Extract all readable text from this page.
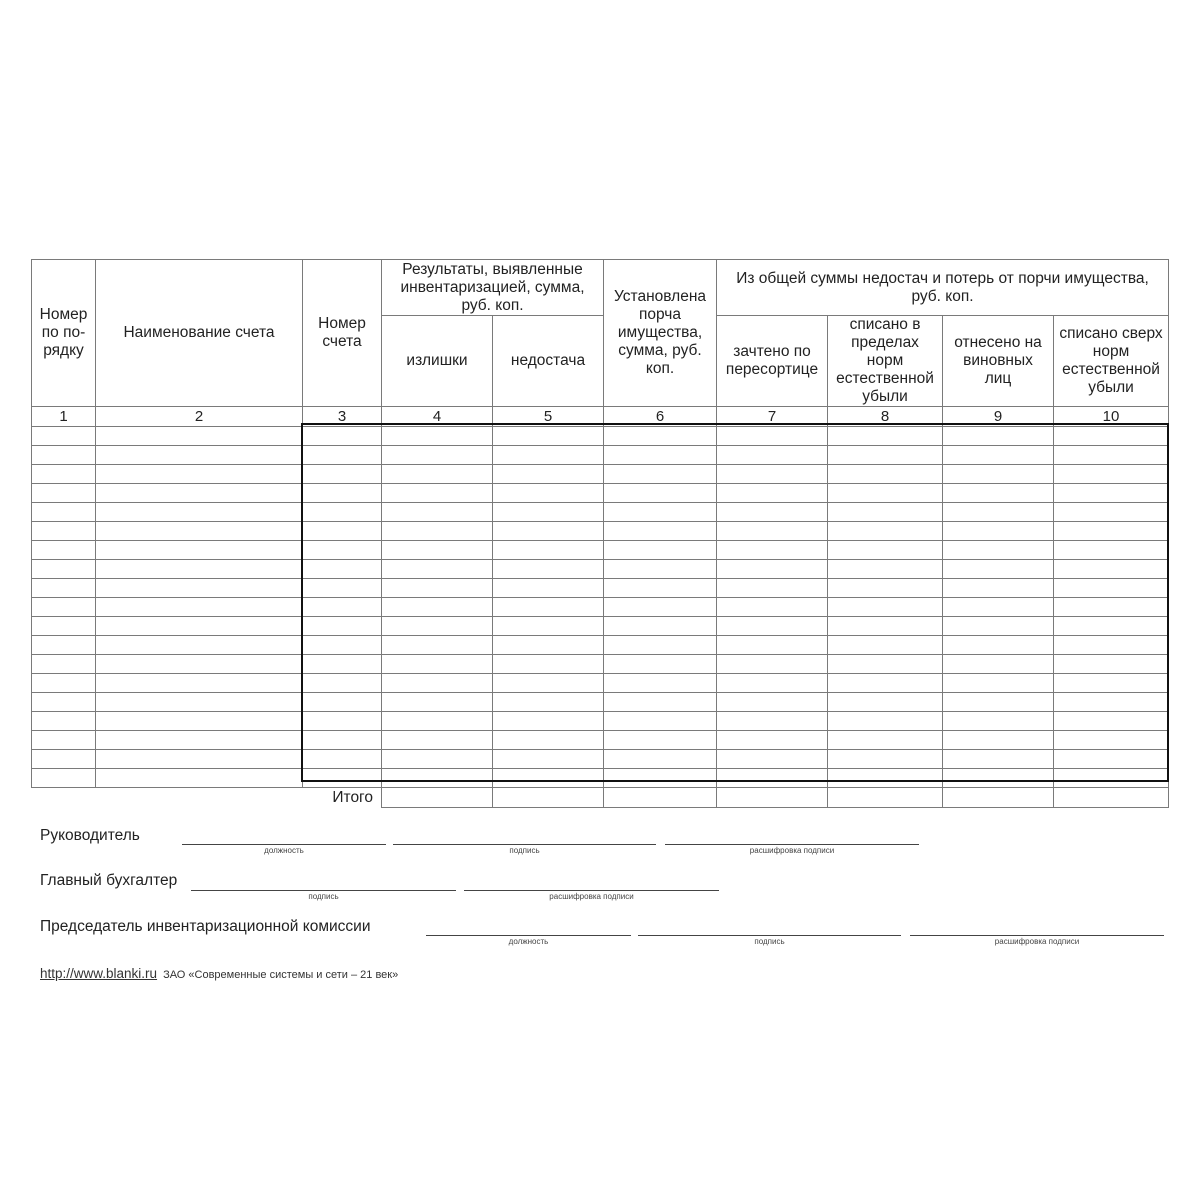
Номер по по-рядку	Наименование счета	Номер счета	Результаты, выявленные инвентаризацией, сумма, руб. коп.		Установлена порча имущества, сумма, руб. коп.	Из общей суммы недостач и потерь от порчи имущества, руб. коп.			
			излишки	недостача		зачтено по пересортице	списано в пределах норм естественной убыли	отнесено на виновных лиц	списано сверх норм естественной убыли
1	2	3	4	5	6	7	8	9	10

		Итого							
Руководитель
должность	подпись	расшифровка подписи
Главный бухгалтер
подпись	расшифровка подписи
Председатель инвентаризационной комиссии
должность	подпись	расшифровка подписи
http://www.blanki.ru ЗАО «Современные системы и сети – 21 век»
